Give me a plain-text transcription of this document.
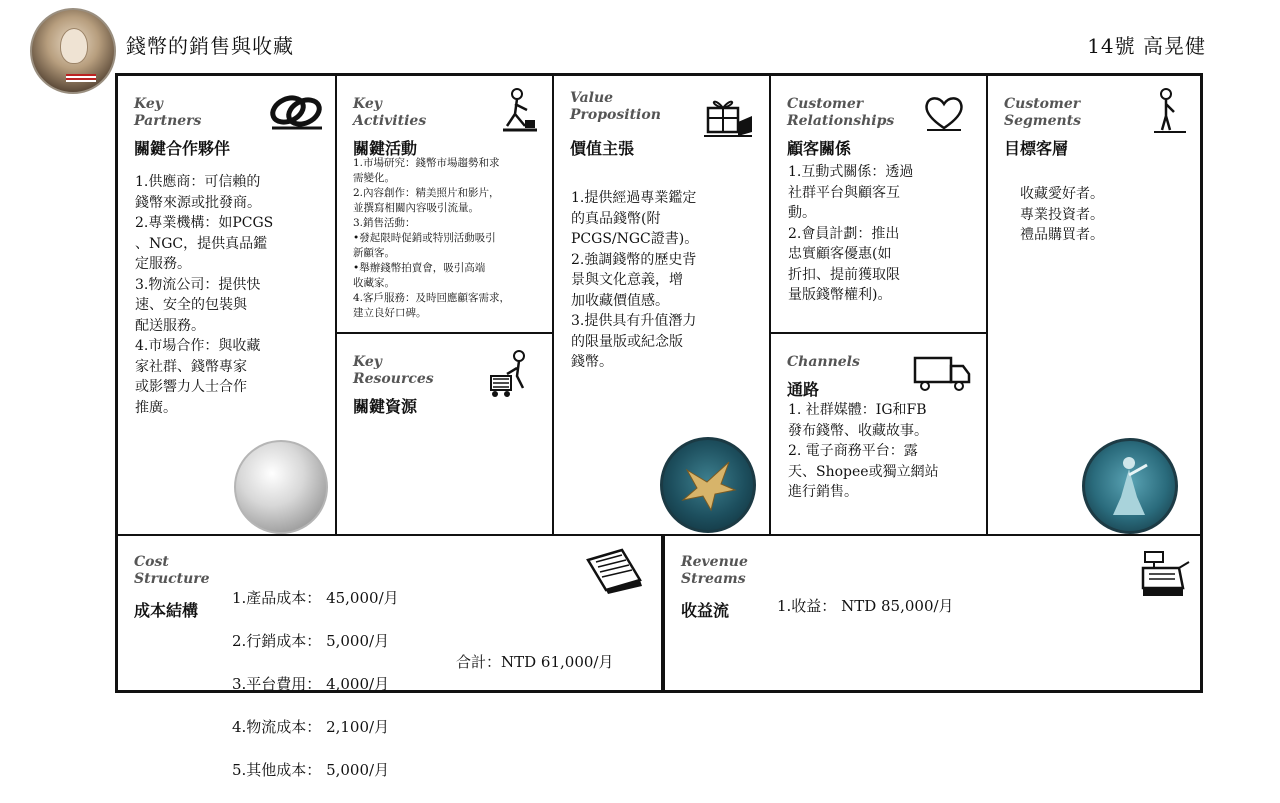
錢幣的銷售與收藏	14號 高晃健
Key
Partners
關鍵合作夥伴
1.供應商：可信賴的
錢幣來源或批發商。
2.專業機構：如PCGS
、NGC，提供真品鑑
定服務。
3.物流公司：提供快
速、安全的包裝與
配送服務。
4.市場合作：與收藏
家社群、錢幣專家
或影響力人士合作
推廣。
Key
Activities
關鍵活動
1.市場研究：錢幣市場趨勢和求
需變化。
2.內容創作：精美照片和影片，
並撰寫相關內容吸引流量。
3.銷售活動：
•發起限時促銷或特別活動吸引
新顧客。
•舉辦錢幣拍賣會，吸引高端
收藏家。
4.客戶服務：及時回應顧客需求，
建立良好口碑。
Key
Resources
關鍵資源
Value
Proposition
價值主張
1.提供經過專業鑑定
的真品錢幣(附
PCGS/NGC證書)。
2.強調錢幣的歷史背
景與文化意義，增
加收藏價值感。
3.提供具有升值潛力
的限量版或紀念版
錢幣。
Customer
Relationships
顧客關係
1.互動式關係：透過
社群平台與顧客互
動。
2.會員計劃：推出
忠實顧客優惠(如
折扣、提前獲取限
量版錢幣權利)。
Channels
通路
1. 社群媒體：IG和FB
發布錢幣、收藏故事。
2. 電子商務平台：露
天、Shopee或獨立網站
進行銷售。
Customer
Segments
目標客層
收藏愛好者。
專業投資者。
禮品購買者。
Cost
Structure
成本結構

1.產品成本： 45,000/月

2.行銷成本： 5,000/月

3.平台費用： 4,000/月

4.物流成本： 2,100/月

5.其他成本： 5,000/月

合計：NTD 61,000/月
Revenue
Streams
收益流	1.收益： NTD 85,000/月
